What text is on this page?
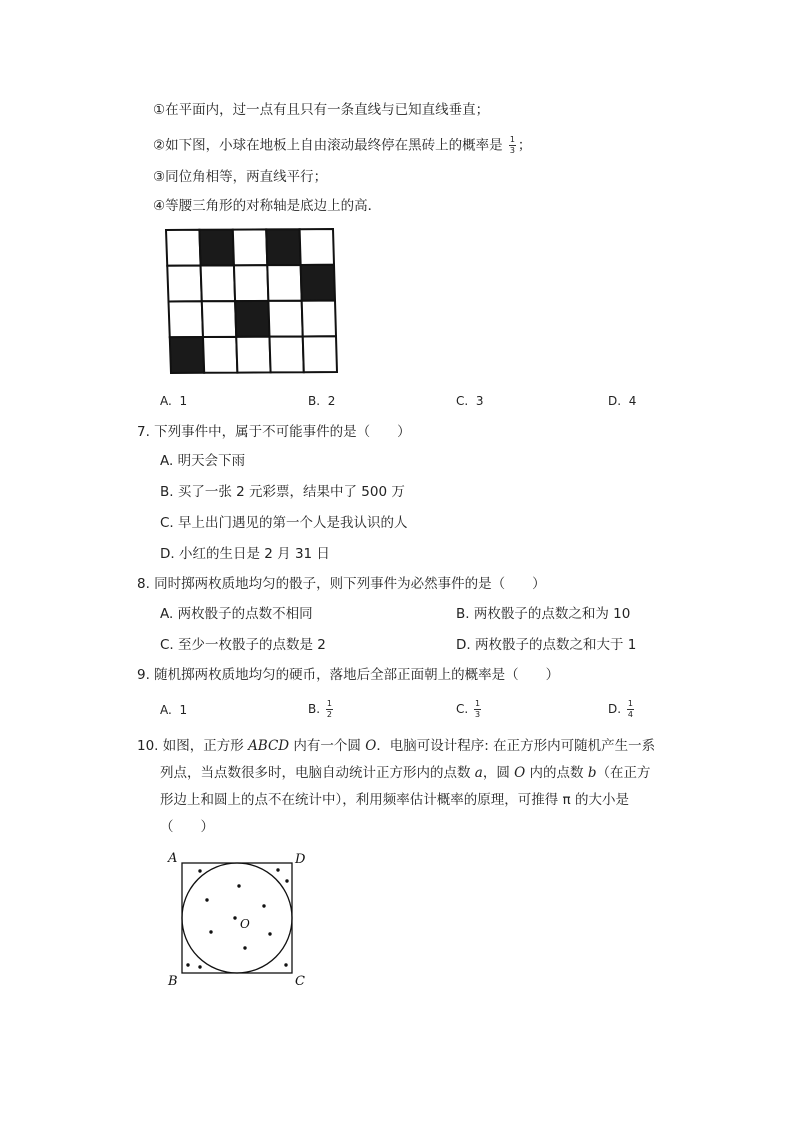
①在平面内，过一点有且只有一条直线与已知直线垂直；
②如下图，小球在地板上自由滚动最终停在黑砖上的概率是 $\frac{1}{3}$ ；
③同位角相等，两直线平行；
④等腰三角形的对称轴是底边上的高．
A. 1	B. 2	C. 3	D. 4
7. 下列事件中，属于不可能事件的是（　　）
A. 明天会下雨
B. 买了一张 2 元彩票，结果中了 500 万
C. 早上出门遇见的第一个人是我认识的人
D. 小红的生日是 2 月 31 日
8. 同时掷两枚质地均匀的骰子，则下列事件为必然事件的是（　　）
A. 两枚骰子的点数不相同	B. 两枚骰子的点数之和为 10
C. 至少一枚骰子的点数是 2	D. 两枚骰子的点数之和大于 1
9. 随机掷两枚质地均匀的硬币，落地后全部正面朝上的概率是（　　）
A. 1	B. $\frac{1}{2}$	C. $\frac{1}{3}$	D. $\frac{1}{4}$
10. 如图，正方形 ABCD 内有一个圆 O．电脑可设计程序: 在正方形内可随机产生一系
列点，当点数很多时，电脑自动统计正方形内的点数 a，圆 O 内的点数 b（在正方
形边上和圆上的点不在统计中），利用频率估计概率的原理，可推得 π 的大小是
（　　）
A	D
B	C
O
